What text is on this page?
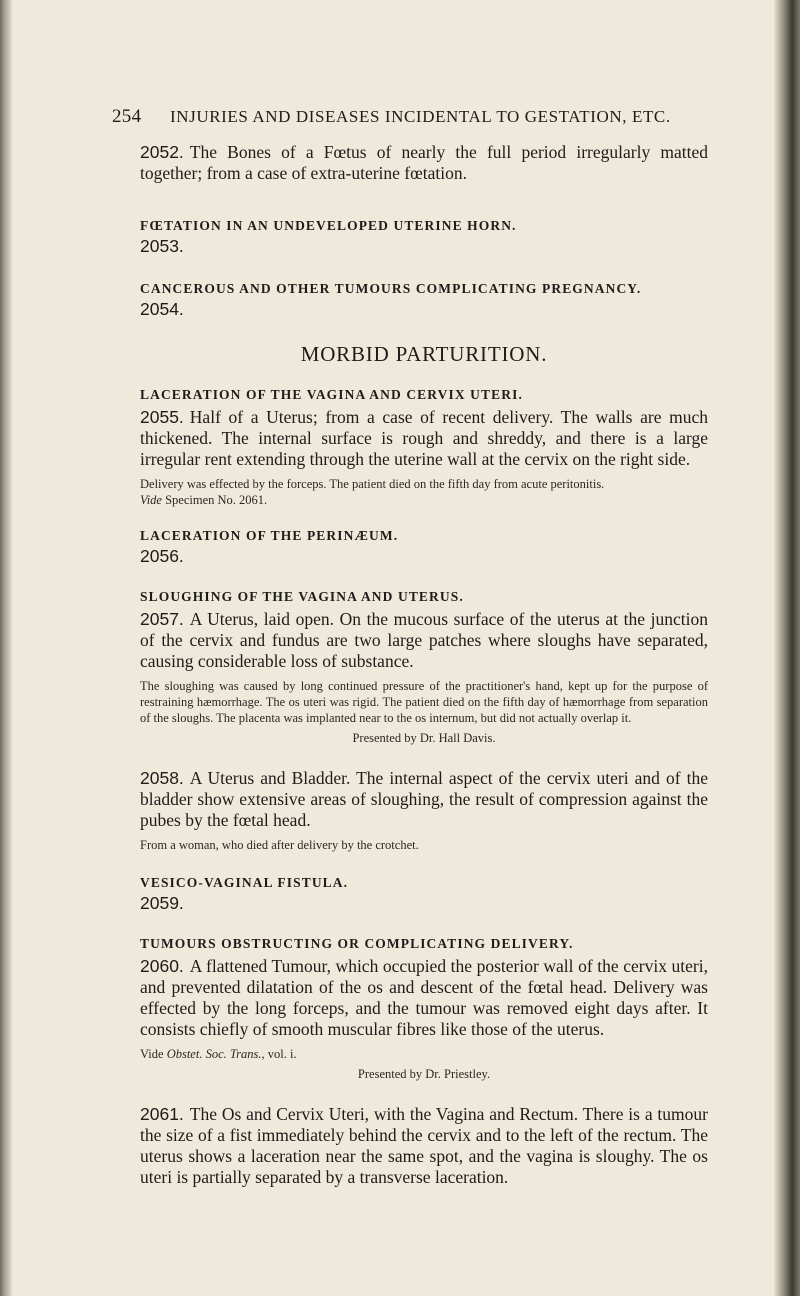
254 INJURIES AND DISEASES INCIDENTAL TO GESTATION, ETC.

2052. The Bones of a Fœtus of nearly the full period irregularly matted together; from a case of extra-uterine fœtation.

FŒTATION IN AN UNDEVELOPED UTERINE HORN.

2053.

CANCEROUS AND OTHER TUMOURS COMPLICATING PREGNANCY.

2054.

MORBID PARTURITION.

LACERATION OF THE VAGINA AND CERVIX UTERI.

2055. Half of a Uterus; from a case of recent delivery. The walls are much thickened. The internal surface is rough and shreddy, and there is a large irregular rent extending through the uterine wall at the cervix on the right side.

Delivery was effected by the forceps. The patient died on the fifth day from acute peritonitis.

Vide Specimen No. 2061.

LACERATION OF THE PERINÆUM.

2056.

SLOUGHING OF THE VAGINA AND UTERUS.

2057. A Uterus, laid open. On the mucous surface of the uterus at the junction of the cervix and fundus are two large patches where sloughs have separated, causing considerable loss of substance.

The sloughing was caused by long continued pressure of the practitioner's hand, kept up for the purpose of restraining hæmorrhage. The os uteri was rigid. The patient died on the fifth day of hæmorrhage from separation of the sloughs. The placenta was implanted near to the os internum, but did not actually overlap it.

Presented by Dr. Hall Davis.

2058. A Uterus and Bladder. The internal aspect of the cervix uteri and of the bladder show extensive areas of sloughing, the result of compression against the pubes by the fœtal head.

From a woman, who died after delivery by the crotchet.

VESICO-VAGINAL FISTULA.

2059.

TUMOURS OBSTRUCTING OR COMPLICATING DELIVERY.

2060. A flattened Tumour, which occupied the posterior wall of the cervix uteri, and prevented dilatation of the os and descent of the fœtal head. Delivery was effected by the long forceps, and the tumour was removed eight days after. It consists chiefly of smooth muscular fibres like those of the uterus.

Vide Obstet. Soc. Trans., vol. i.

Presented by Dr. Priestley.

2061. The Os and Cervix Uteri, with the Vagina and Rectum. There is a tumour the size of a fist immediately behind the cervix and to the left of the rectum. The uterus shows a laceration near the same spot, and the vagina is sloughy. The os uteri is partially separated by a transverse laceration.
